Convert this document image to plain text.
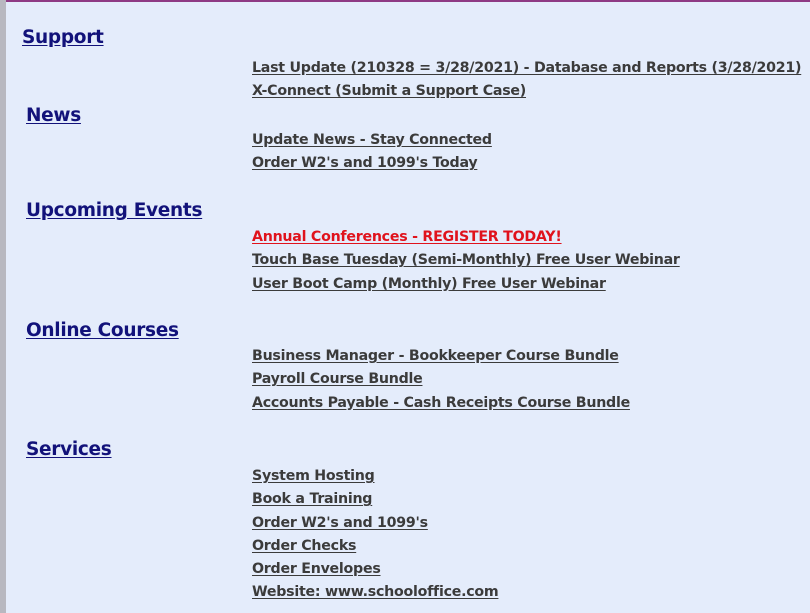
Support
Last Update (210328 = 3/28/2021) - Database and Reports (3/28/2021)
X-Connect (Submit a Support Case)
News
Update News - Stay Connected
Order W2's and 1099's Today
Upcoming Events
Annual Conferences - REGISTER TODAY!
Touch Base Tuesday (Semi-Monthly) Free User Webinar
User Boot Camp (Monthly) Free User Webinar
Online Courses
Business Manager - Bookkeeper Course Bundle
Payroll Course Bundle
Accounts Payable - Cash Receipts Course Bundle
Services
System Hosting
Book a Training
Order W2's and 1099's
Order Checks
Order Envelopes
Website: www.schooloffice.com
